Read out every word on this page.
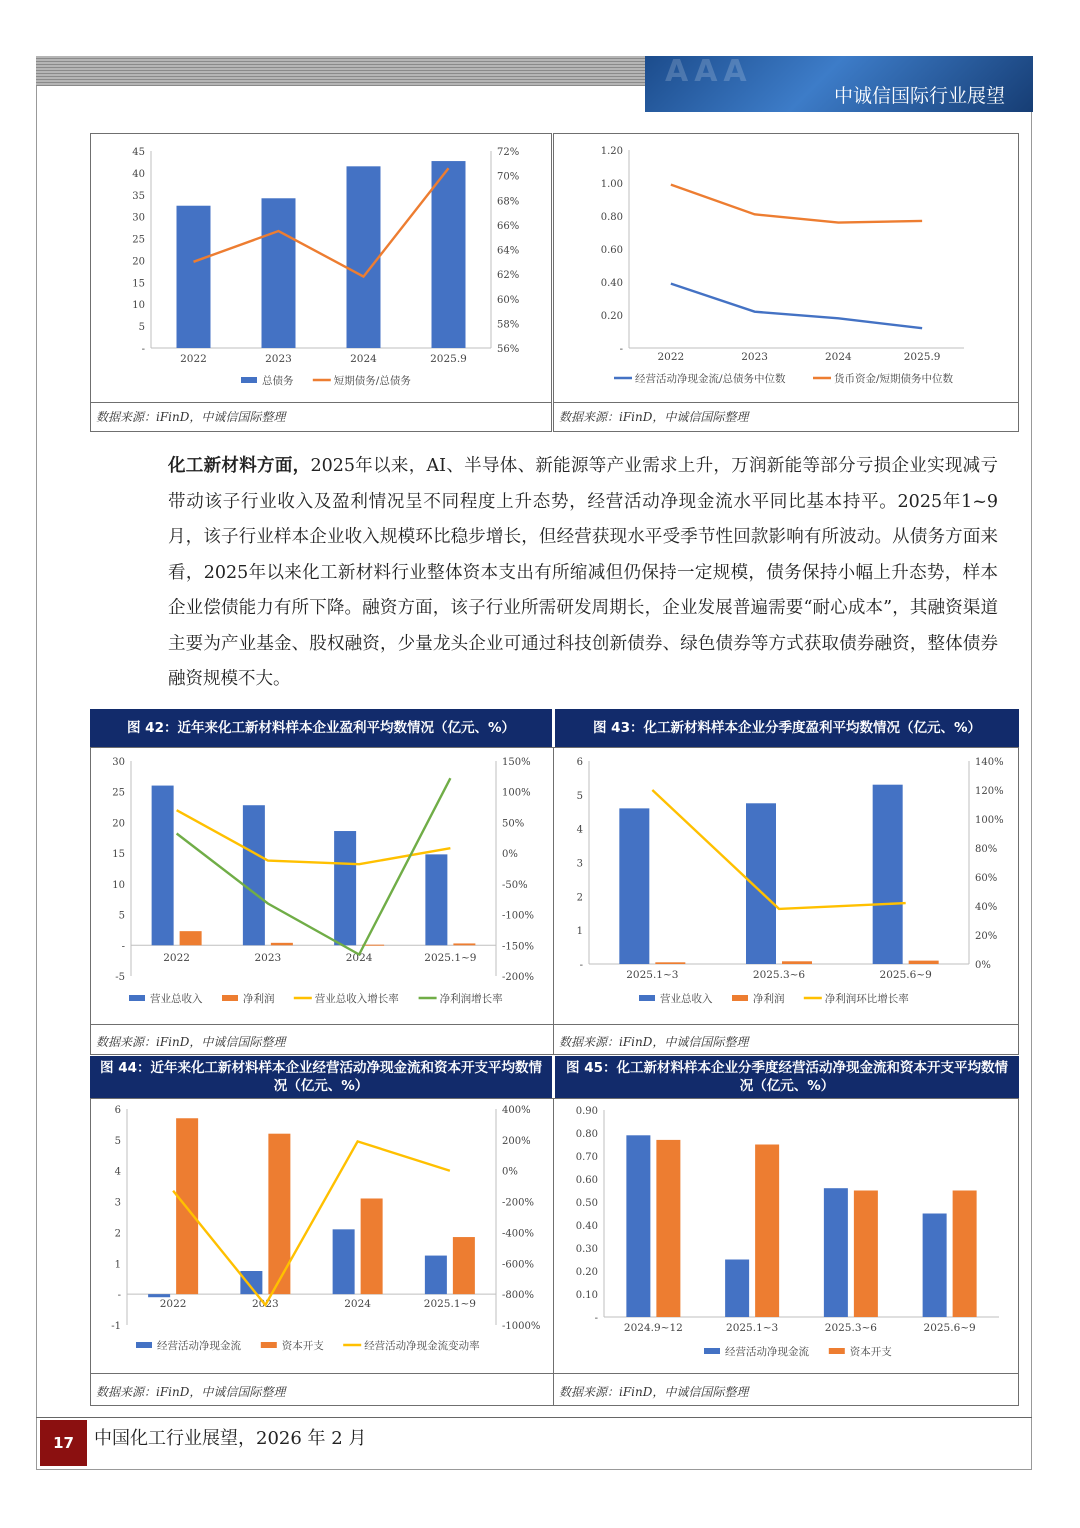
AAA
中诚信国际行业展望
45
40
35
30
25
20
15
10
5
-
72%
70%
68%
66%
64%
62%
60%
58%
56%
2022	2023	2024	2025.9
总债务	短期债务/总债务
数据来源：iFinD，中诚信国际整理
1.20
1.00
0.80
0.60
0.40
0.20
-
2022	2023	2024	2025.9
经营活动净现金流/总债务中位数	货币资金/短期债务中位数
数据来源：iFinD，中诚信国际整理
化工新材料方面，2025年以来，AI、半导体、新能源等产业需求上升，万润新能等部分亏损企业实现减亏带动该子行业收入及盈利情况呈不同程度上升态势，经营活动净现金流水平同比基本持平。2025年1~9月，该子行业样本企业收入规模环比稳步增长，但经营获现水平受季节性回款影响有所波动。从债务方面来看，2025年以来化工新材料行业整体资本支出有所缩减但仍保持一定规模，债务保持小幅上升态势，样本企业偿债能力有所下降。融资方面，该子行业所需研发周期长，企业发展普遍需要“耐心成本”，其融资渠道主要为产业基金、股权融资，少量龙头企业可通过科技创新债券、绿色债券等方式获取债券融资，整体债券融资规模不大。
图 42：近年来化工新材料样本企业盈利平均数情况（亿元、%）	图 43：化工新材料样本企业分季度盈利平均数情况（亿元、%）
30
25
20
15
10
5
-
-5
150%
100%
50%
0%
-50%
-100%
-150%
-200%
2022	2023	2024	2025.1~9
营业总收入	净利润	营业总收入增长率	净利润增长率
数据来源：iFinD，中诚信国际整理
6
5
4
3
2
1
-
140%
120%
100%
80%
60%
40%
20%
0%
2025.1~3	2025.3~6	2025.6~9
营业总收入	净利润	净利润环比增长率
数据来源：iFinD，中诚信国际整理
图 44：近年来化工新材料样本企业经营活动净现金流和资本开支平均数情况（亿元、%）
图 45：化工新材料样本企业分季度经营活动净现金流和资本开支平均数情况（亿元、%）
6
5
4
3
2
1
-
-1
400%
200%
0%
-200%
-400%
-600%
-800%
-1000%
2022	2023	2024	2025.1~9
经营活动净现金流	资本开支	经营活动净现金流变动率
数据来源：iFinD，中诚信国际整理
0.90
0.80
0.70
0.60
0.50
0.40
0.30
0.20
0.10
-
2024.9~12	2025.1~3	2025.3~6	2025.6~9
经营活动净现金流	资本开支
数据来源：iFinD，中诚信国际整理
17	中国化工行业展望，2026 年 2 月
